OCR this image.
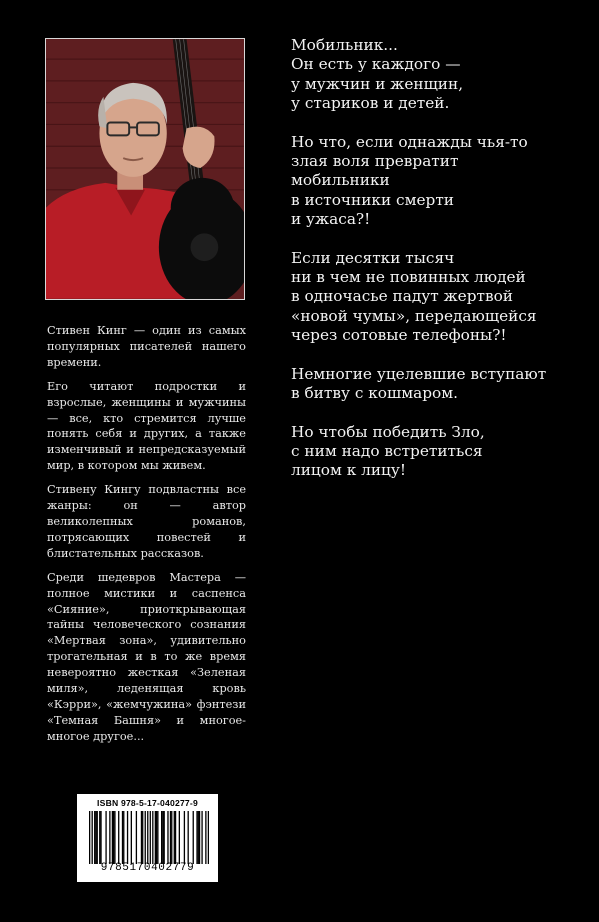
Стивен Кинг — один из самых популярных писателей нашего времени.

Его читают подростки и взрослые, женщины и мужчины — все, кто стремится лучше понять себя и других, а также изменчивый и непредсказуемый мир, в котором мы живем.

Стивену Кингу подвластны все жанры: он — автор великолепных романов, потрясающих повестей и блистательных рассказов.

Среди шедевров Мастера — полное мистики и саспенса «Сияние», приоткрывающая тайны человеческого сознания «Мертвая зона», удивительно трогательная и в то же время невероятно жесткая «Зеленая миля», леденящая кровь «Кэрри», «жемчужина» фэнтези «Темная Башня» и многое-многое другое...

Мобильник...
Он есть у каждого —
у мужчин и женщин,
у стариков и детей.

Но что, если однажды чья-то
злая воля превратит
мобильники
в источники смерти
и ужаса?!

Если десятки тысяч
ни в чем не повинных людей
в одночасье падут жертвой
«новой чумы», передающейся
через сотовые телефоны?!

Немногие уцелевшие вступают
в битву с кошмаром.

Но чтобы победить Зло,
с ним надо встретиться
лицом к лицу!

ISBN 978-5-17-040277-9
9785170402779
